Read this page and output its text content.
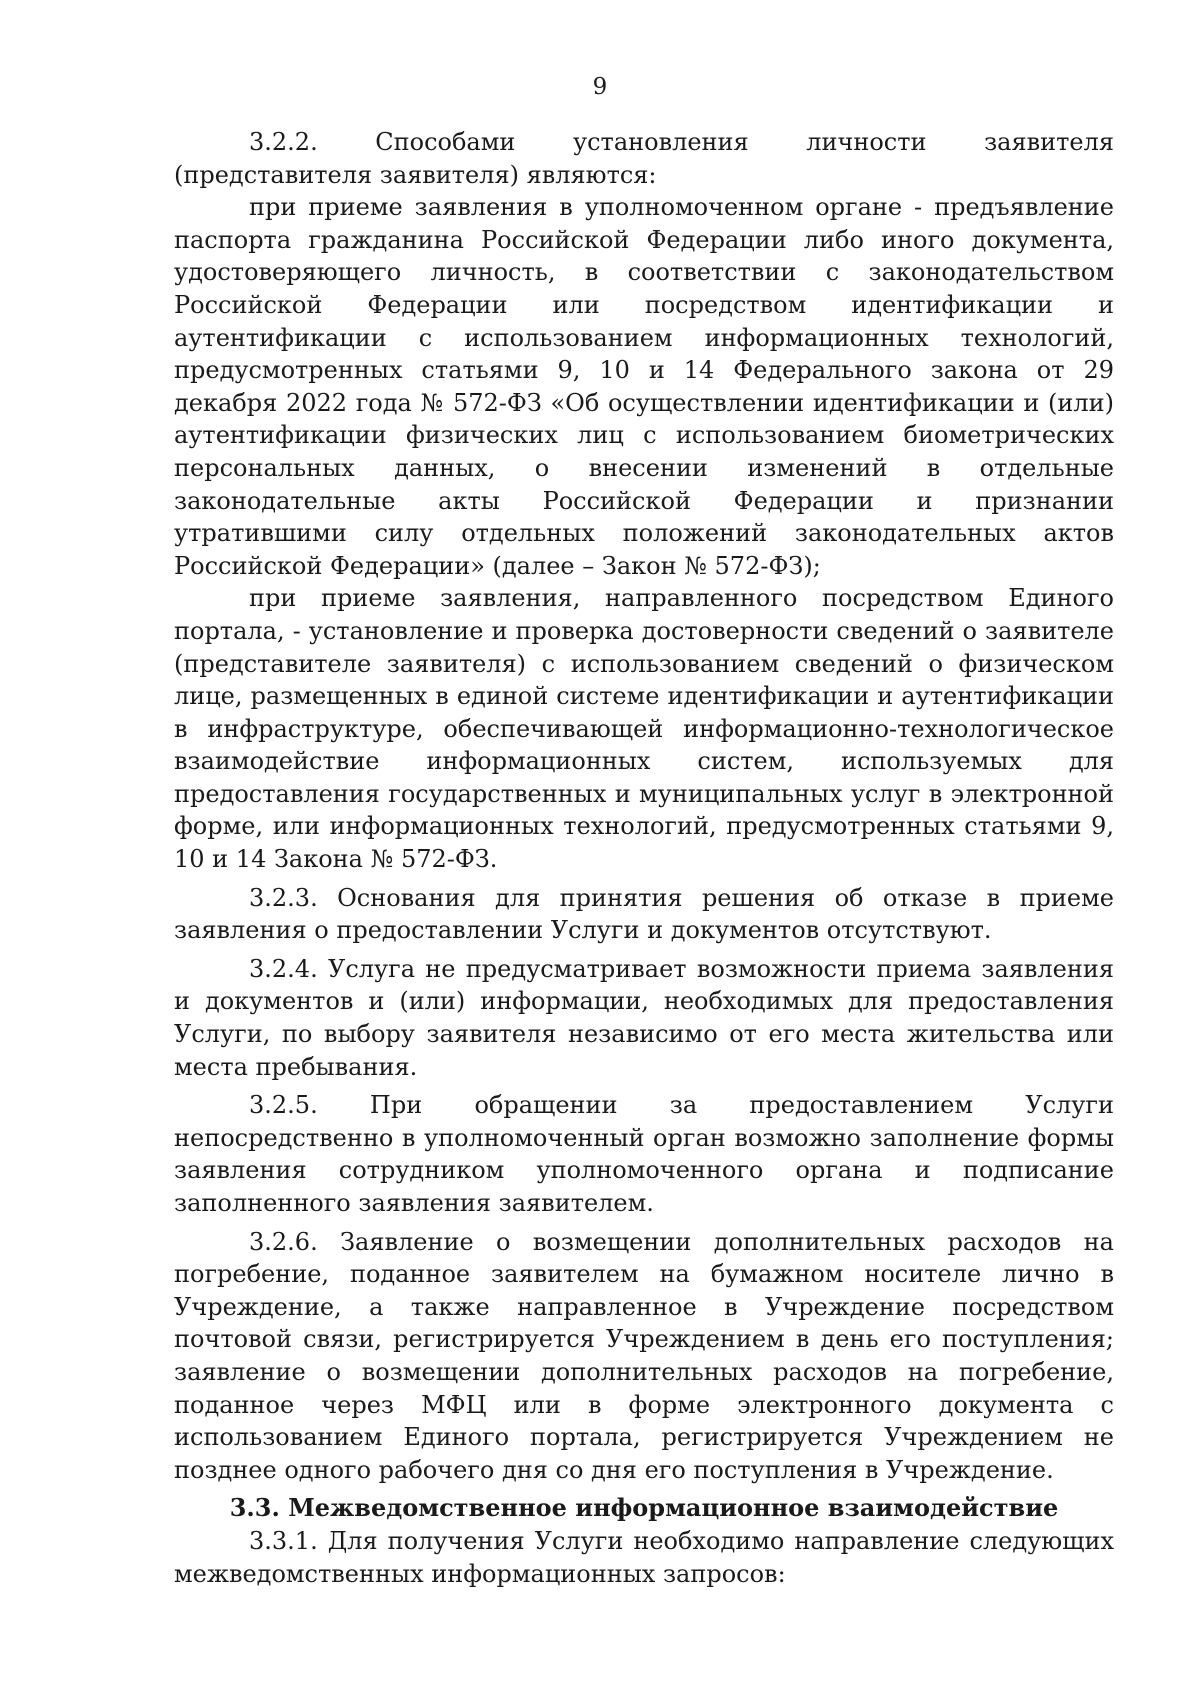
9

3.2.2. Способами установления личности заявителя (представителя заявителя) являются:

при приеме заявления в уполномоченном органе - предъявление паспорта гражданина Российской Федерации либо иного документа, удостоверяющего личность, в соответствии с законодательством Российской Федерации или посредством идентификации и аутентификации с использованием информационных технологий, предусмотренных статьями 9, 10 и 14 Федерального закона от 29 декабря 2022 года № 572-ФЗ «Об осуществлении идентификации и (или) аутентификации физических лиц с использованием биометрических персональных данных, о внесении изменений в отдельные законодательные акты Российской Федерации и признании утратившими силу отдельных положений законодательных актов Российской Федерации» (далее – Закон № 572-ФЗ);

при приеме заявления, направленного посредством Единого портала, - установление и проверка достоверности сведений о заявителе (представителе заявителя) с использованием сведений о физическом лице, размещенных в единой системе идентификации и аутентификации в инфраструктуре, обеспечивающей информационно-технологическое взаимодействие информационных систем, используемых для предоставления государственных и муниципальных услуг в электронной форме, или информационных технологий, предусмотренных статьями 9, 10 и 14 Закона № 572-ФЗ.

3.2.3. Основания для принятия решения об отказе в приеме заявления о предоставлении Услуги и документов отсутствуют.

3.2.4. Услуга не предусматривает возможности приема заявления и документов и (или) информации, необходимых для предоставления Услуги, по выбору заявителя независимо от его места жительства или места пребывания.

3.2.5. При обращении за предоставлением Услуги непосредственно в уполномоченный орган возможно заполнение формы заявления сотрудником уполномоченного органа и подписание заполненного заявления заявителем.

3.2.6. Заявление о возмещении дополнительных расходов на погребение, поданное заявителем на бумажном носителе лично в Учреждение, а также направленное в Учреждение посредством почтовой связи, регистрируется Учреждением в день его поступления; заявление о возмещении дополнительных расходов на погребение, поданное через МФЦ или в форме электронного документа с использованием Единого портала, регистрируется Учреждением не позднее одного рабочего дня со дня его поступления в Учреждение.

3.3. Межведомственное информационное взаимодействие

3.3.1. Для получения Услуги необходимо направление следующих межведомственных информационных запросов:
